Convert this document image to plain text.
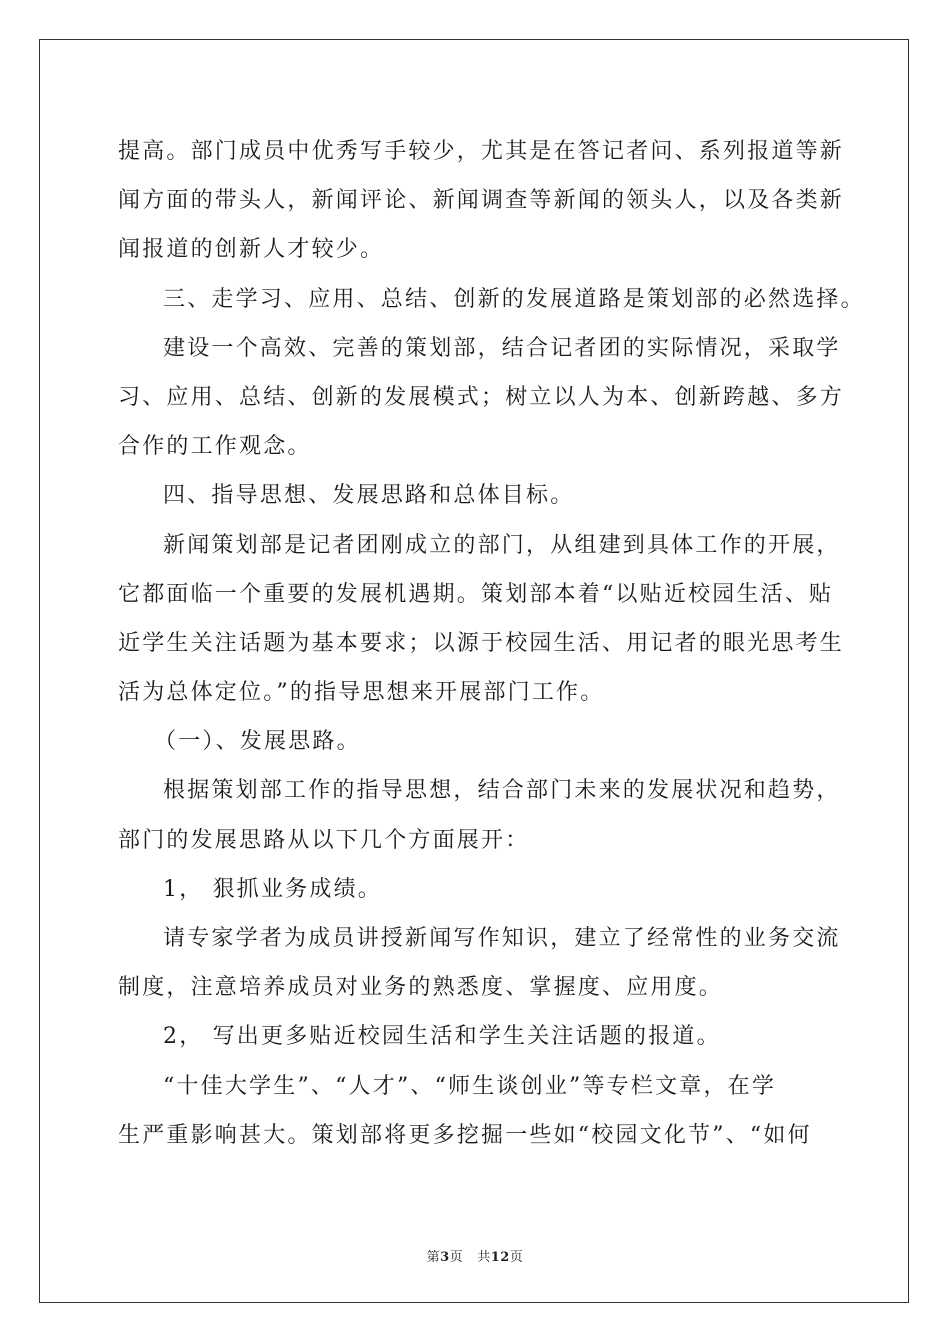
提高。部门成员中优秀写手较少，尤其是在答记者问、系列报道等新
闻方面的带头人，新闻评论、新闻调查等新闻的领头人，以及各类新
闻报道的创新人才较少。
三、走学习、应用、总结、创新的发展道路是策划部的必然选择。
建设一个高效、完善的策划部，结合记者团的实际情况，采取学
习、应用、总结、创新的发展模式；树立以人为本、创新跨越、多方
合作的工作观念。
四、指导思想、发展思路和总体目标。
新闻策划部是记者团刚成立的部门，从组建到具体工作的开展，
它都面临一个重要的发展机遇期。策划部本着“以贴近校园生活、贴
近学生关注话题为基本要求；以源于校园生活、用记者的眼光思考生
活为总体定位。”的指导思想来开展部门工作。
（一）、发展思路。
根据策划部工作的指导思想，结合部门未来的发展状况和趋势，
部门的发展思路从以下几个方面展开：
1， 狠抓业务成绩。
请专家学者为成员讲授新闻写作知识，建立了经常性的业务交流
制度，注意培养成员对业务的熟悉度、掌握度、应用度。
2， 写出更多贴近校园生活和学生关注话题的报道。
“十佳大学生”、“人才”、“师生谈创业”等专栏文章，在学
生严重影响甚大。策划部将更多挖掘一些如“校园文化节”、“如何
第3页 共12页
